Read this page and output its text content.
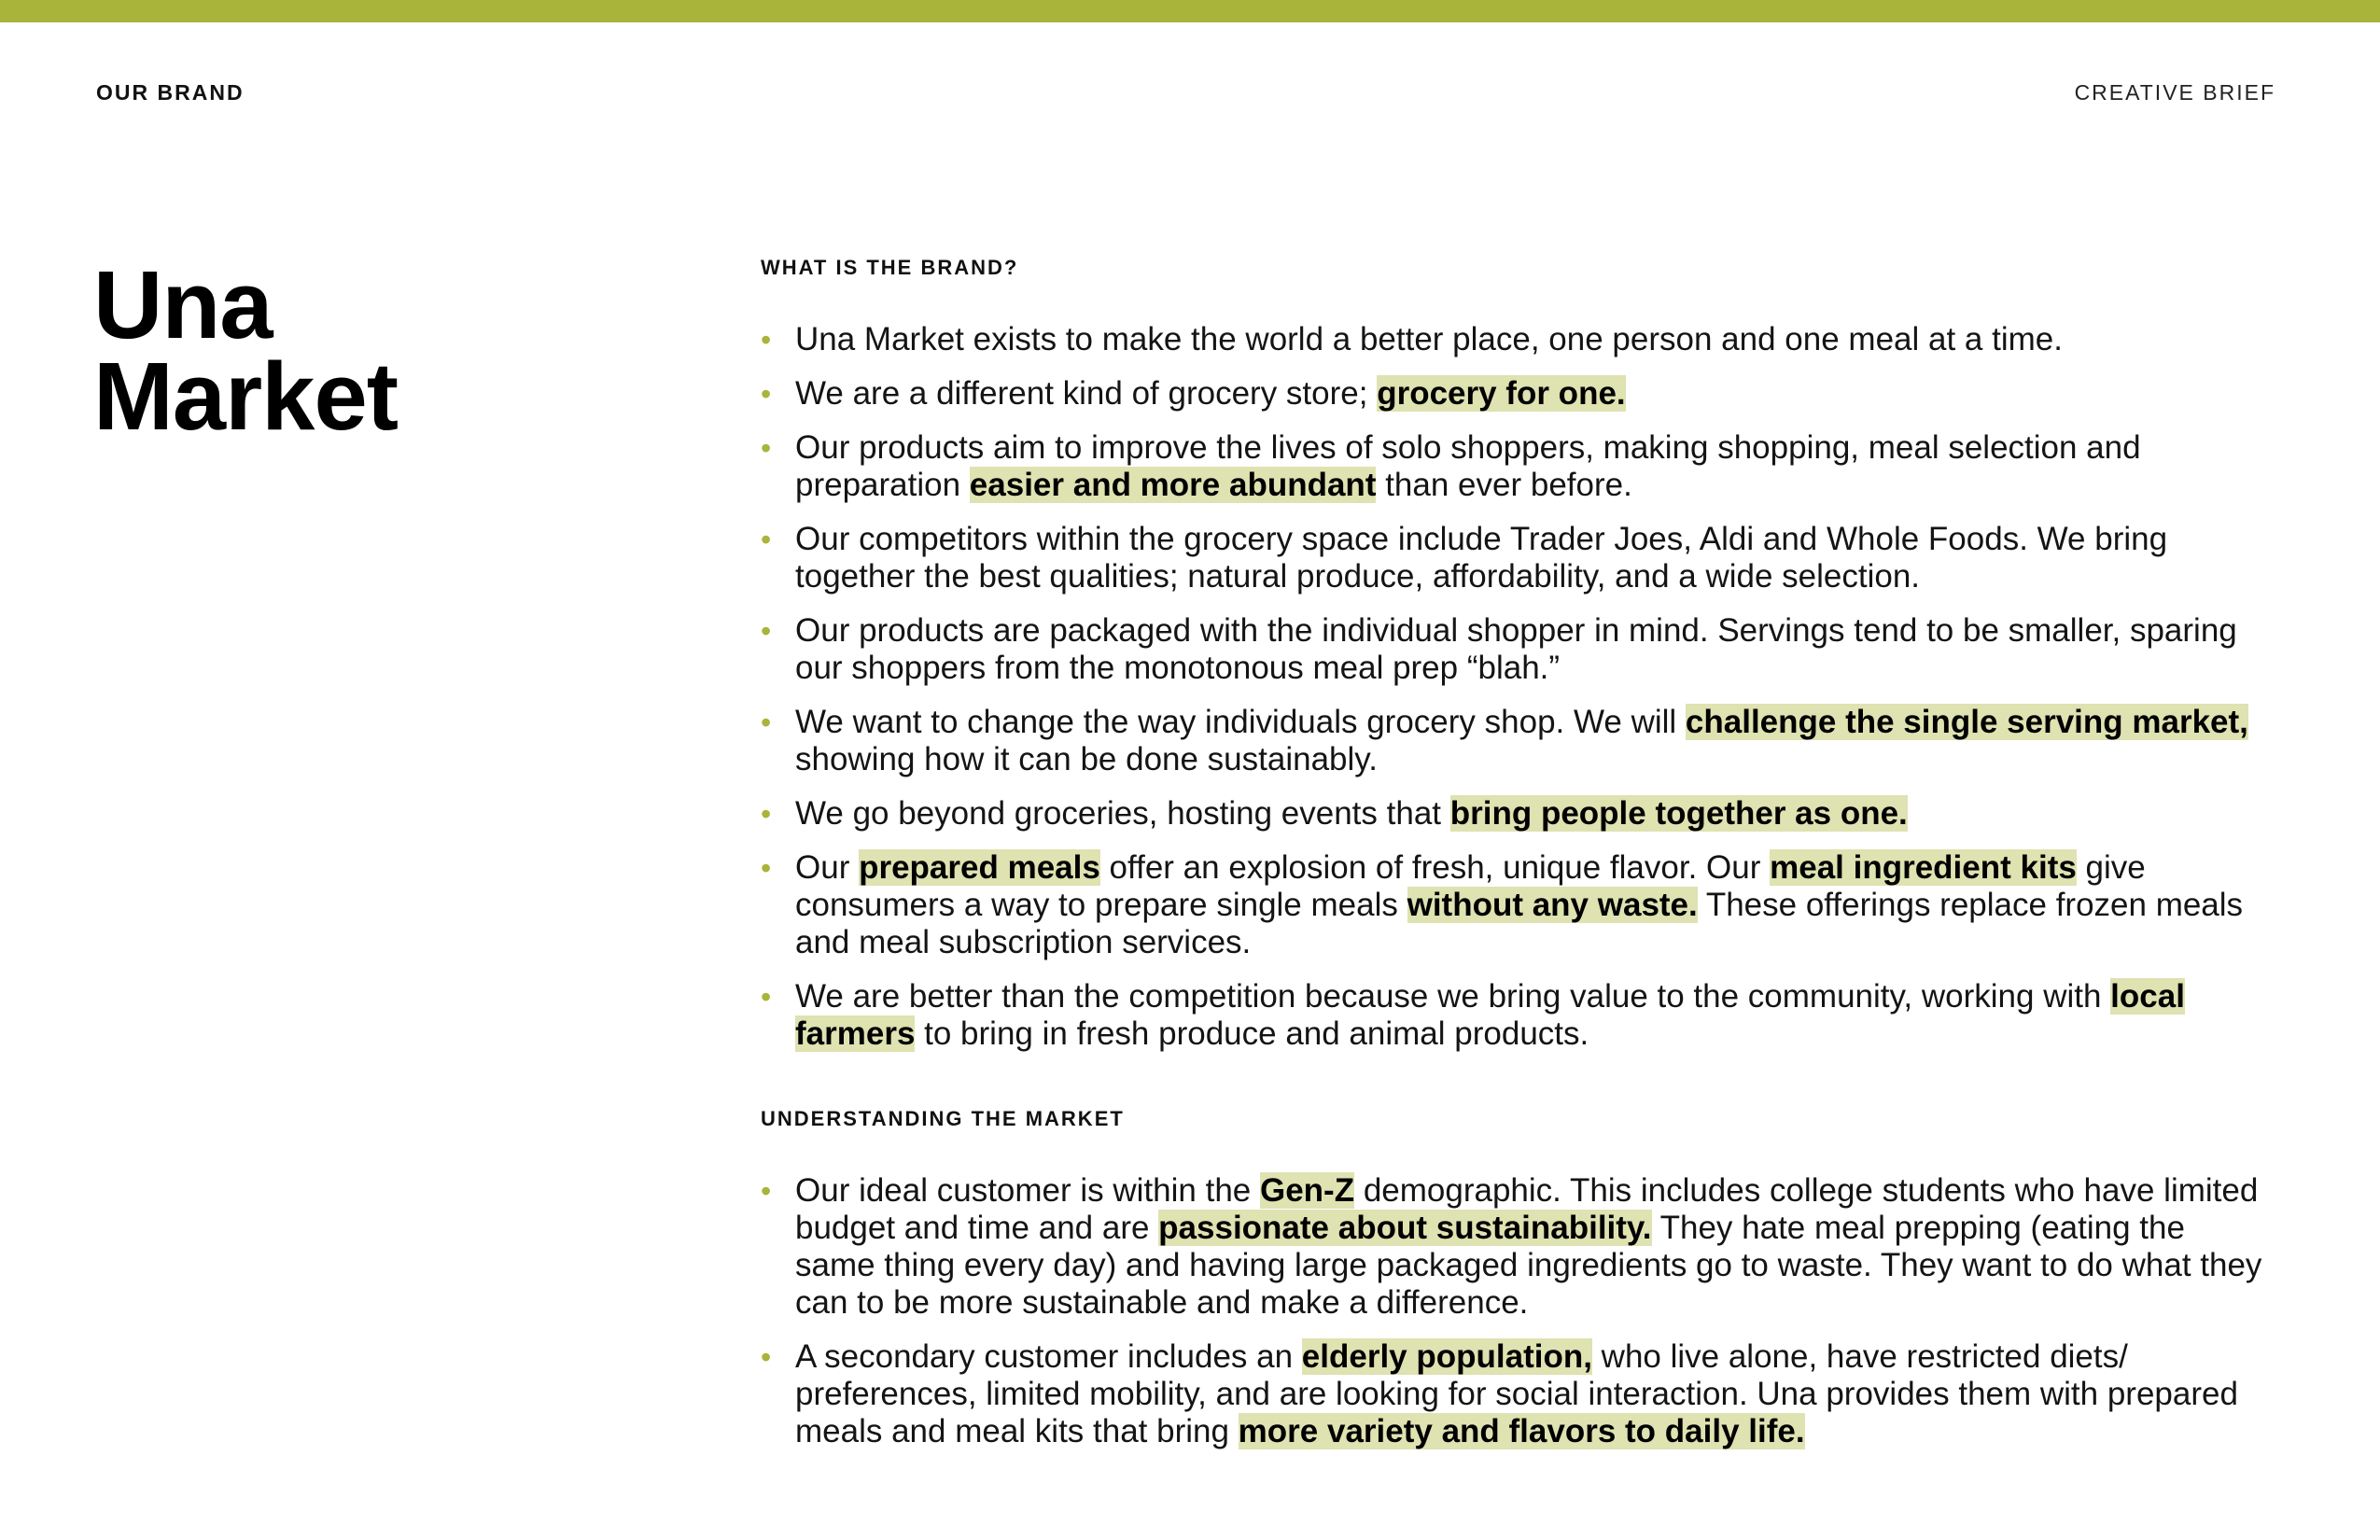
OUR BRAND	CREATIVE BRIEF
Una
Market
WHAT IS THE BRAND?
• Una Market exists to make the world a better place, one person and one meal at a time.
• We are a different kind of grocery store; grocery for one.
• Our products aim to improve the lives of solo shoppers, making shopping, meal selection and preparation easier and more abundant than ever before.
• Our competitors within the grocery space include Trader Joes, Aldi and Whole Foods. We bring together the best qualities; natural produce, affordability, and a wide selection.
• Our products are packaged with the individual shopper in mind. Servings tend to be smaller, sparing our shoppers from the monotonous meal prep “blah.”
• We want to change the way individuals grocery shop. We will challenge the single serving market, showing how it can be done sustainably.
• We go beyond groceries, hosting events that bring people together as one.
• Our prepared meals offer an explosion of fresh, unique flavor. Our meal ingredient kits give consumers a way to prepare single meals without any waste. These offerings replace frozen meals and meal subscription services.
• We are better than the competition because we bring value to the community, working with local farmers to bring in fresh produce and animal products.
UNDERSTANDING THE MARKET
• Our ideal customer is within the Gen-Z demographic. This includes college students who have limited budget and time and are passionate about sustainability. They hate meal prepping (eating the same thing every day) and having large packaged ingredients go to waste. They want to do what they can to be more sustainable and make a difference.
• A secondary customer includes an elderly population, who live alone, have restricted diets/ preferences, limited mobility, and are looking for social interaction. Una provides them with prepared meals and meal kits that bring more variety and flavors to daily life.
